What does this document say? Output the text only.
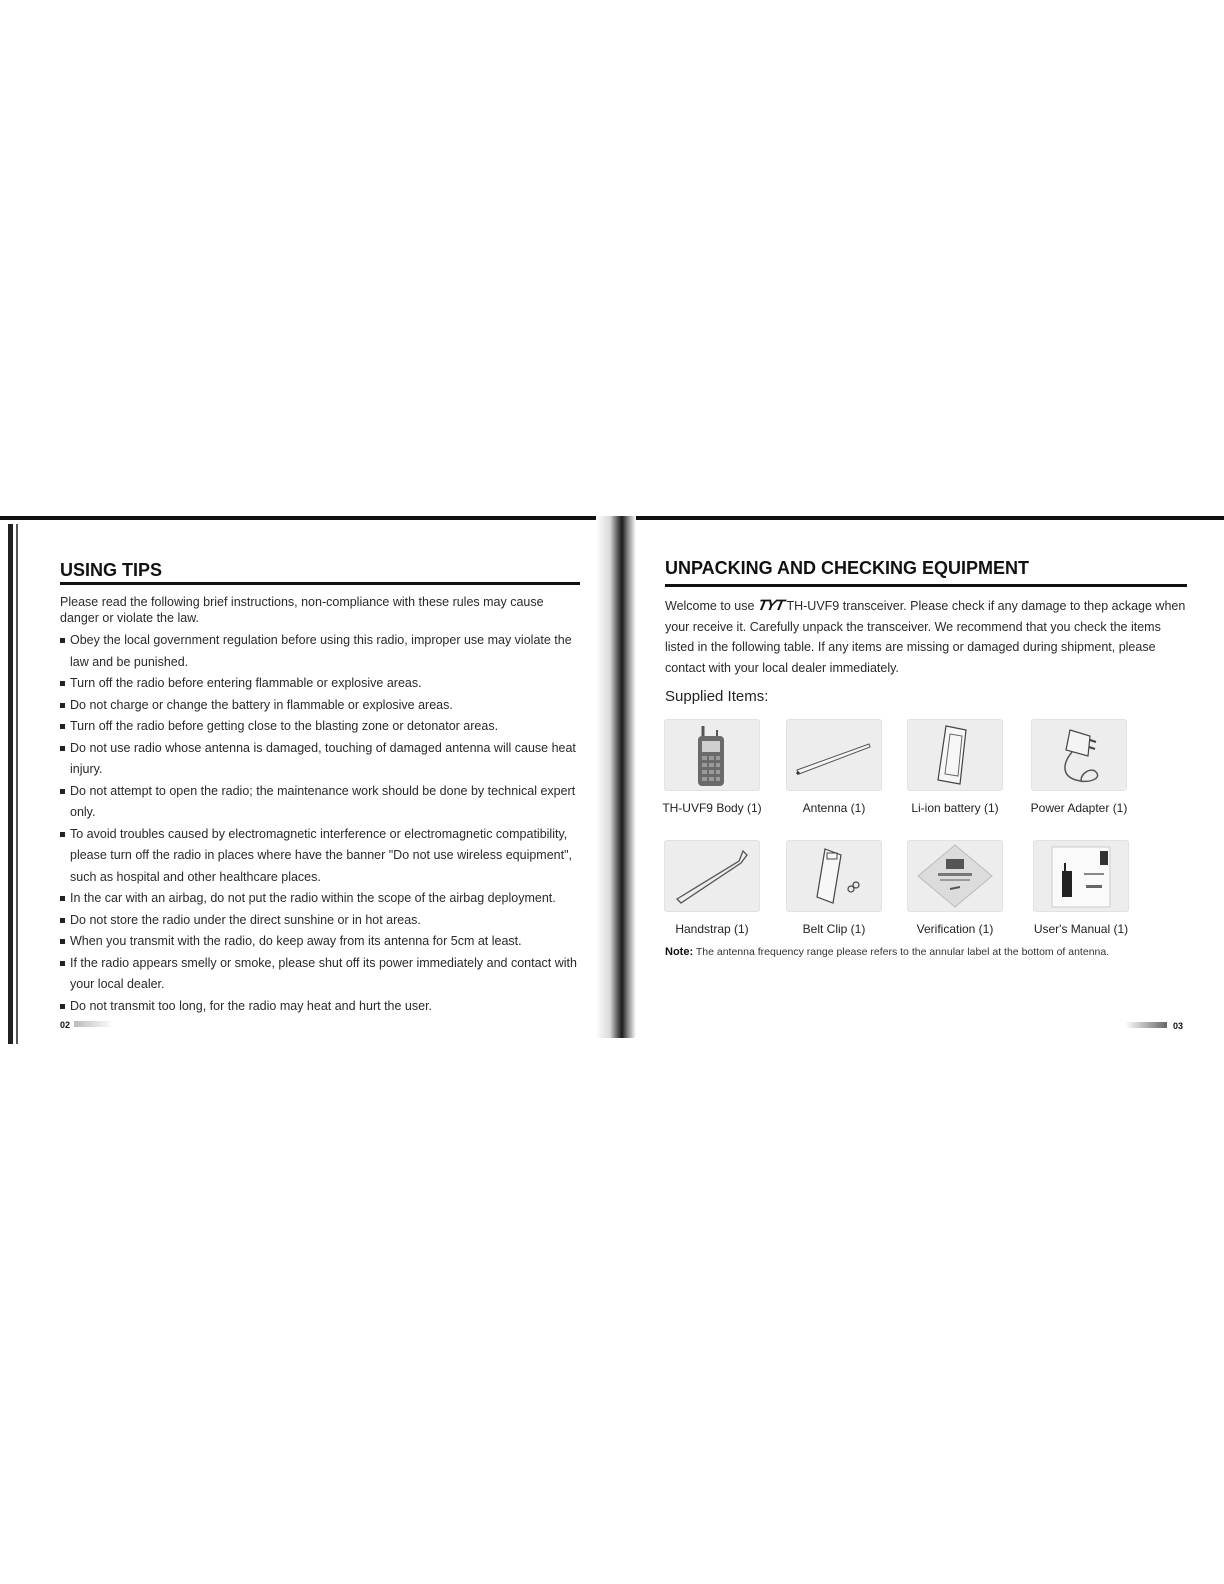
USING TIPS

Please read the following brief instructions, non-compliance with these rules may cause danger or violate the law.

Obey the local government regulation before using this radio, improper use may violate the law and be punished.
Turn off the radio before entering flammable or explosive areas.
Do not charge or change the battery in flammable or explosive areas.
Turn off the radio before getting close to the blasting zone or detonator areas.
Do not use radio whose antenna is damaged, touching of damaged antenna will cause heat injury.
Do not attempt to open the radio; the maintenance work should be done by technical expert only.
To avoid troubles caused by electromagnetic interference or electromagnetic compatibility, please turn off the radio in places where have the banner "Do not use wireless equipment", such as hospital and other healthcare places.
In the car with an airbag, do not put the radio within the scope of the airbag deployment.
Do not store the radio under the direct sunshine or in hot areas.
When you transmit with the radio, do keep away from its antenna for 5cm at least.
If the radio appears smelly or smoke, please shut off its power immediately and contact with your local dealer.
Do not transmit too long, for the radio may heat and hurt the user.
02
UNPACKING AND CHECKING EQUIPMENT

Welcome to use TYT TH-UVF9 transceiver. Please check if any damage to thep ackage when your receive it. Carefully unpack the transceiver. We recommend that you check the items listed in the following table. If any items are missing or damaged during shipment, please contact with your local dealer immediately.

Supplied Items:

TH-UVF9 Body (1)	Antenna (1)	Li-ion battery (1)	Power Adapter (1)
Handstrap (1)	Belt Clip (1)	Verification (1)	User's Manual (1)

Note: The antenna frequency range please refers to the annular label at the bottom of antenna.

03
